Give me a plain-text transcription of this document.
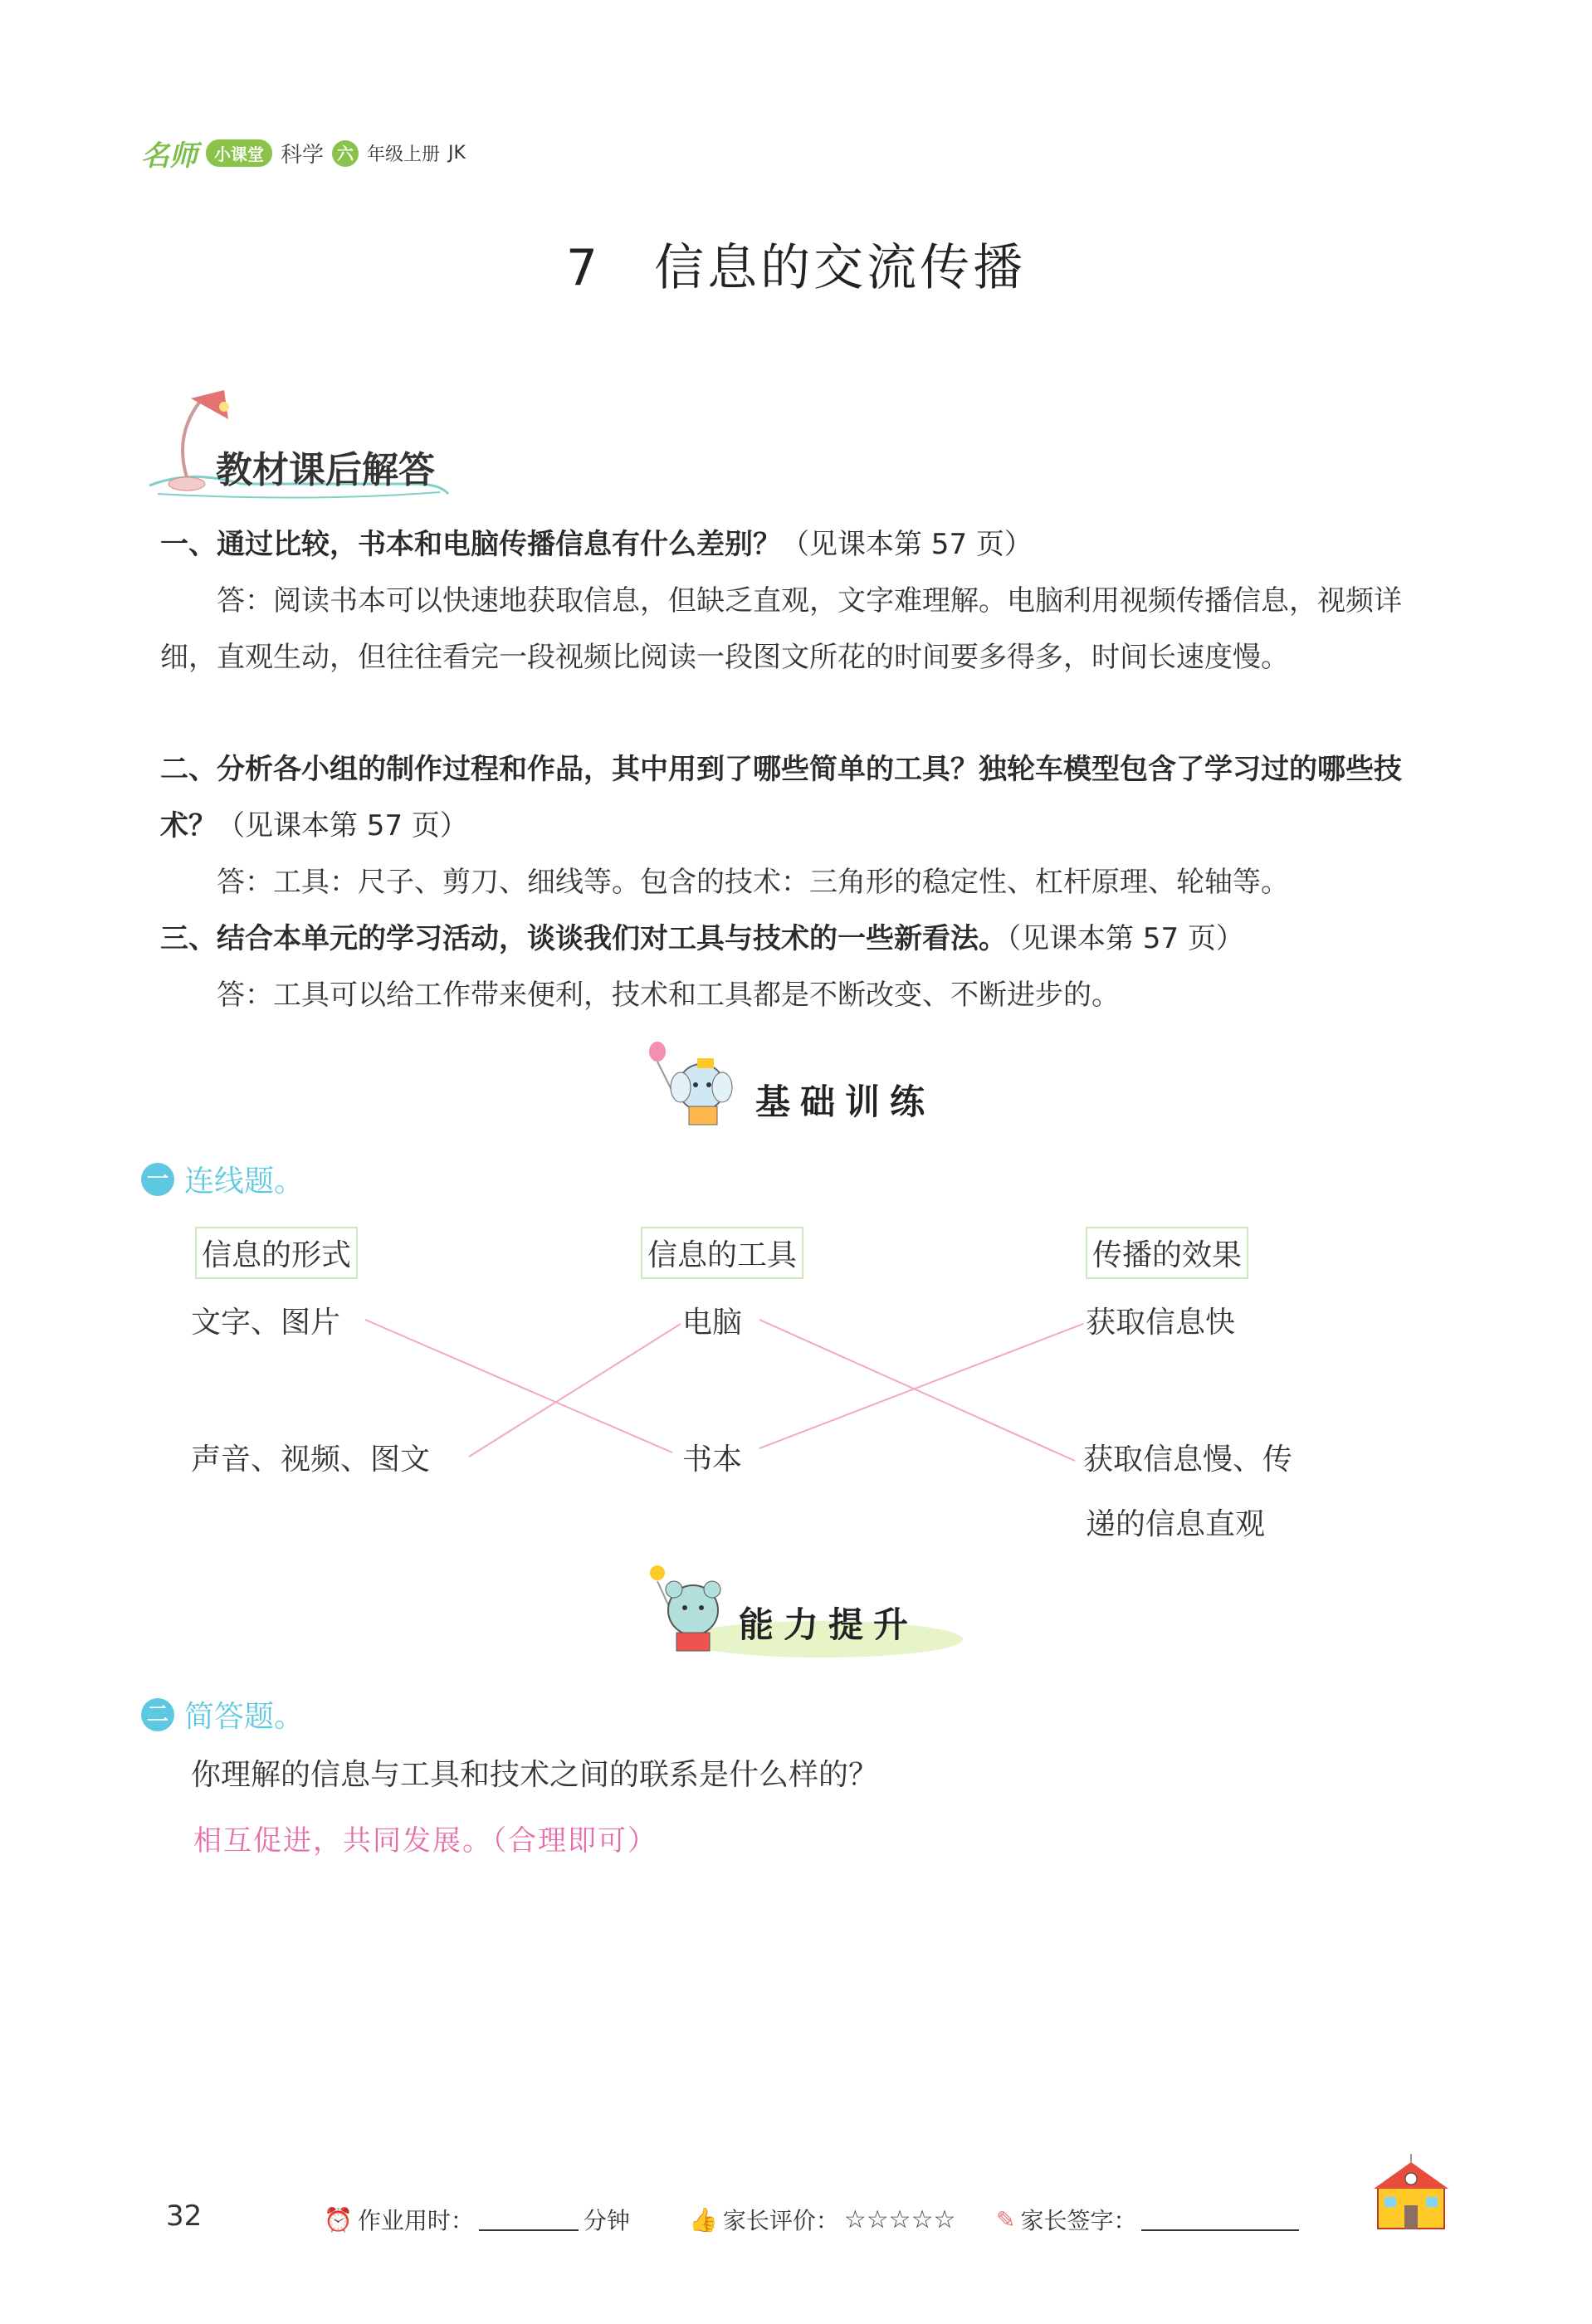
名师	小课堂 科学 六 年级上册 JK
7　信息的交流传播
教材课后解答
一、通过比较，书本和电脑传播信息有什么差别？（见课本第 57 页）
答：阅读书本可以快速地获取信息，但缺乏直观，文字难理解。电脑利用视频传播信息，视频详细，直观生动，但往往看完一段视频比阅读一段图文所花的时间要多得多，时间长速度慢。
二、分析各小组的制作过程和作品，其中用到了哪些简单的工具？独轮车模型包含了学习过的哪些技术？（见课本第 57 页）
答：工具：尺子、剪刀、细线等。包含的技术：三角形的稳定性、杠杆原理、轮轴等。
三、结合本单元的学习活动，谈谈我们对工具与技术的一些新看法。（见课本第 57 页）
答：工具可以给工作带来便利，技术和工具都是不断改变、不断进步的。
基础训练
一 连线题。
信息的形式	信息的工具	传播的效果
文字、图片
声音、视频、图文
电脑
书本
获取信息快
获取信息慢、传
递的信息直观
能力提升
二 简答题。
你理解的信息与工具和技术之间的联系是什么样的？
相互促进，共同发展。（合理即可）
32	⏰ 作业用时：	分钟	👍 家长评价： ☆☆☆☆☆ ✎ 家长签字：
